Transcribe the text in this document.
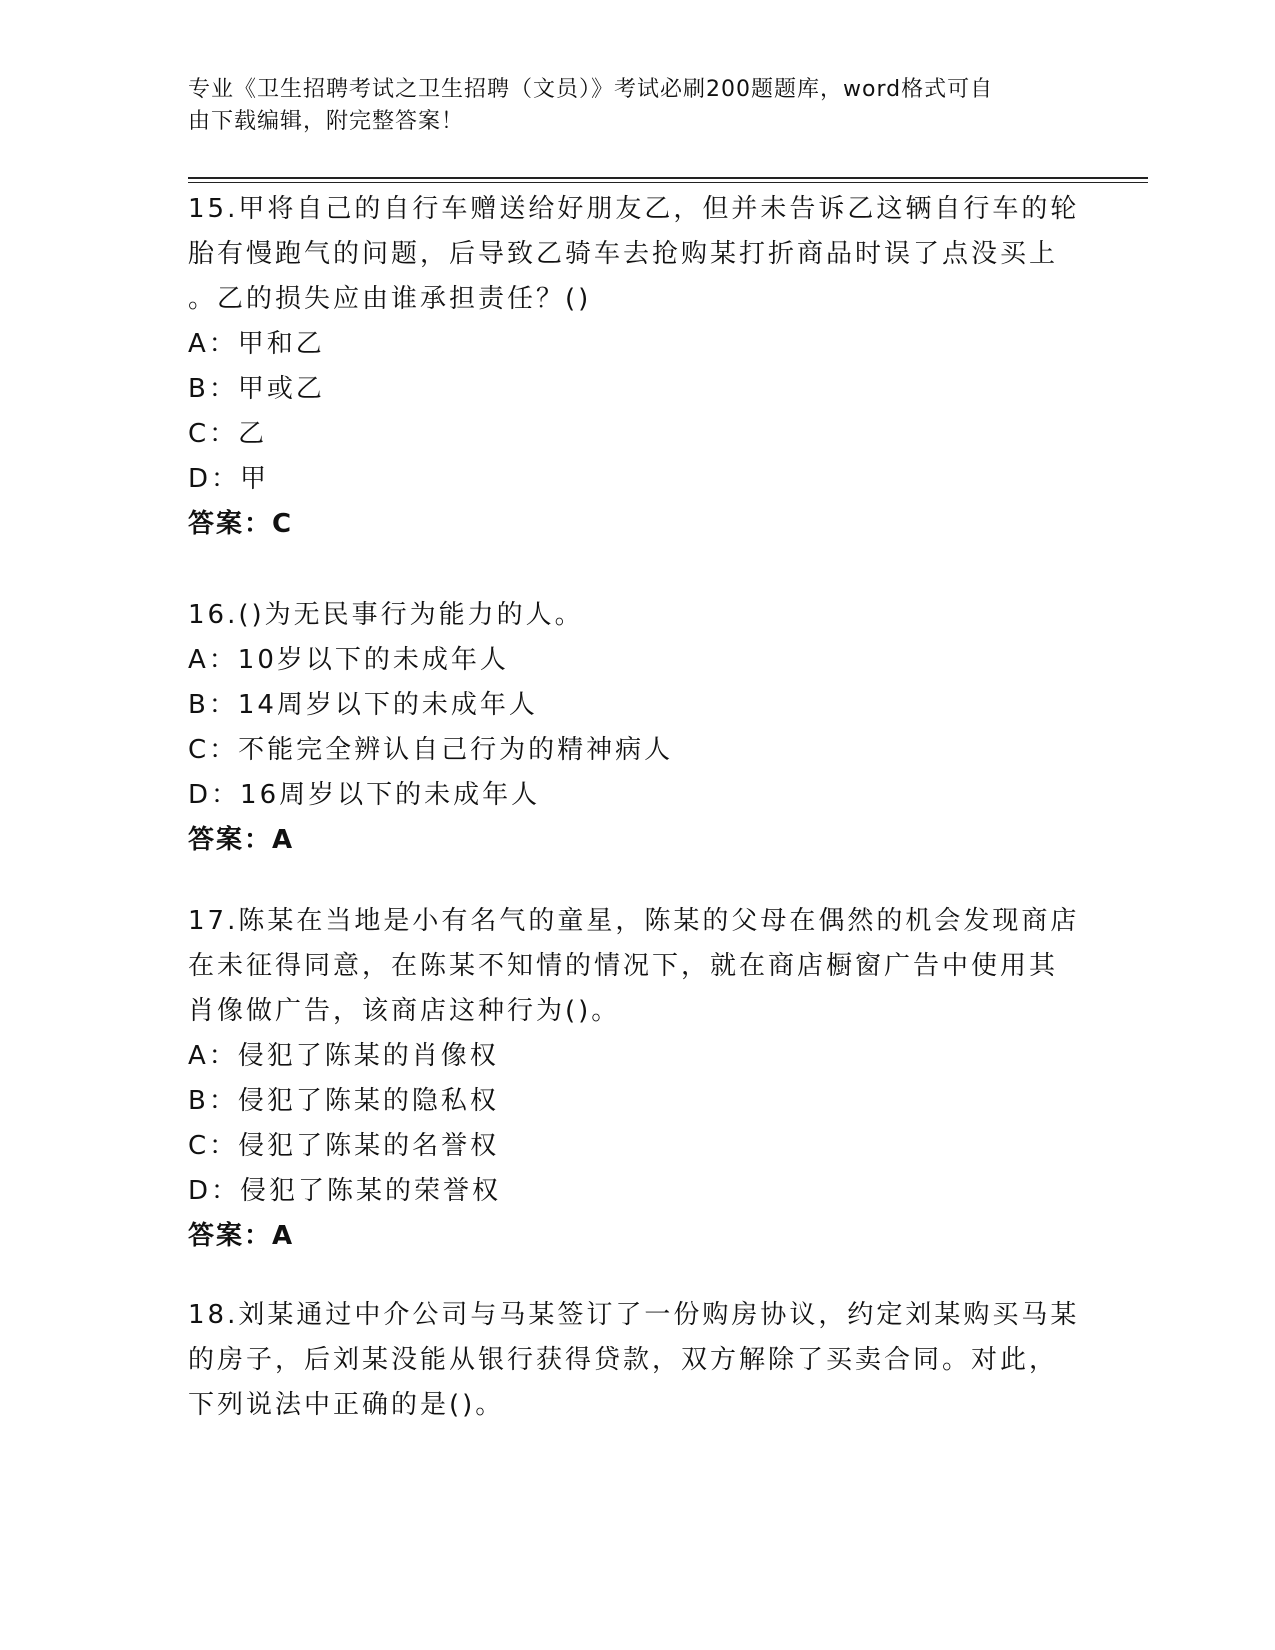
专业《卫生招聘考试之卫生招聘（文员）》考试必刷200题题库，word格式可自
由下载编辑，附完整答案！

15.甲将自己的自行车赠送给好朋友乙，但并未告诉乙这辆自行车的轮

胎有慢跑气的问题，后导致乙骑车去抢购某打折商品时误了点没买上

。乙的损失应由谁承担责任？()

A：甲和乙

B：甲或乙

C：乙

D：甲

答案：C

16.()为无民事行为能力的人。

A：10岁以下的未成年人

B：14周岁以下的未成年人

C：不能完全辨认自己行为的精神病人

D：16周岁以下的未成年人

答案：A

17.陈某在当地是小有名气的童星，陈某的父母在偶然的机会发现商店

在未征得同意，在陈某不知情的情况下，就在商店橱窗广告中使用其

肖像做广告，该商店这种行为()。

A：侵犯了陈某的肖像权

B：侵犯了陈某的隐私权

C：侵犯了陈某的名誉权

D：侵犯了陈某的荣誉权

答案：A

18.刘某通过中介公司与马某签订了一份购房协议，约定刘某购买马某

的房子，后刘某没能从银行获得贷款，双方解除了买卖合同。对此，

下列说法中正确的是()。
